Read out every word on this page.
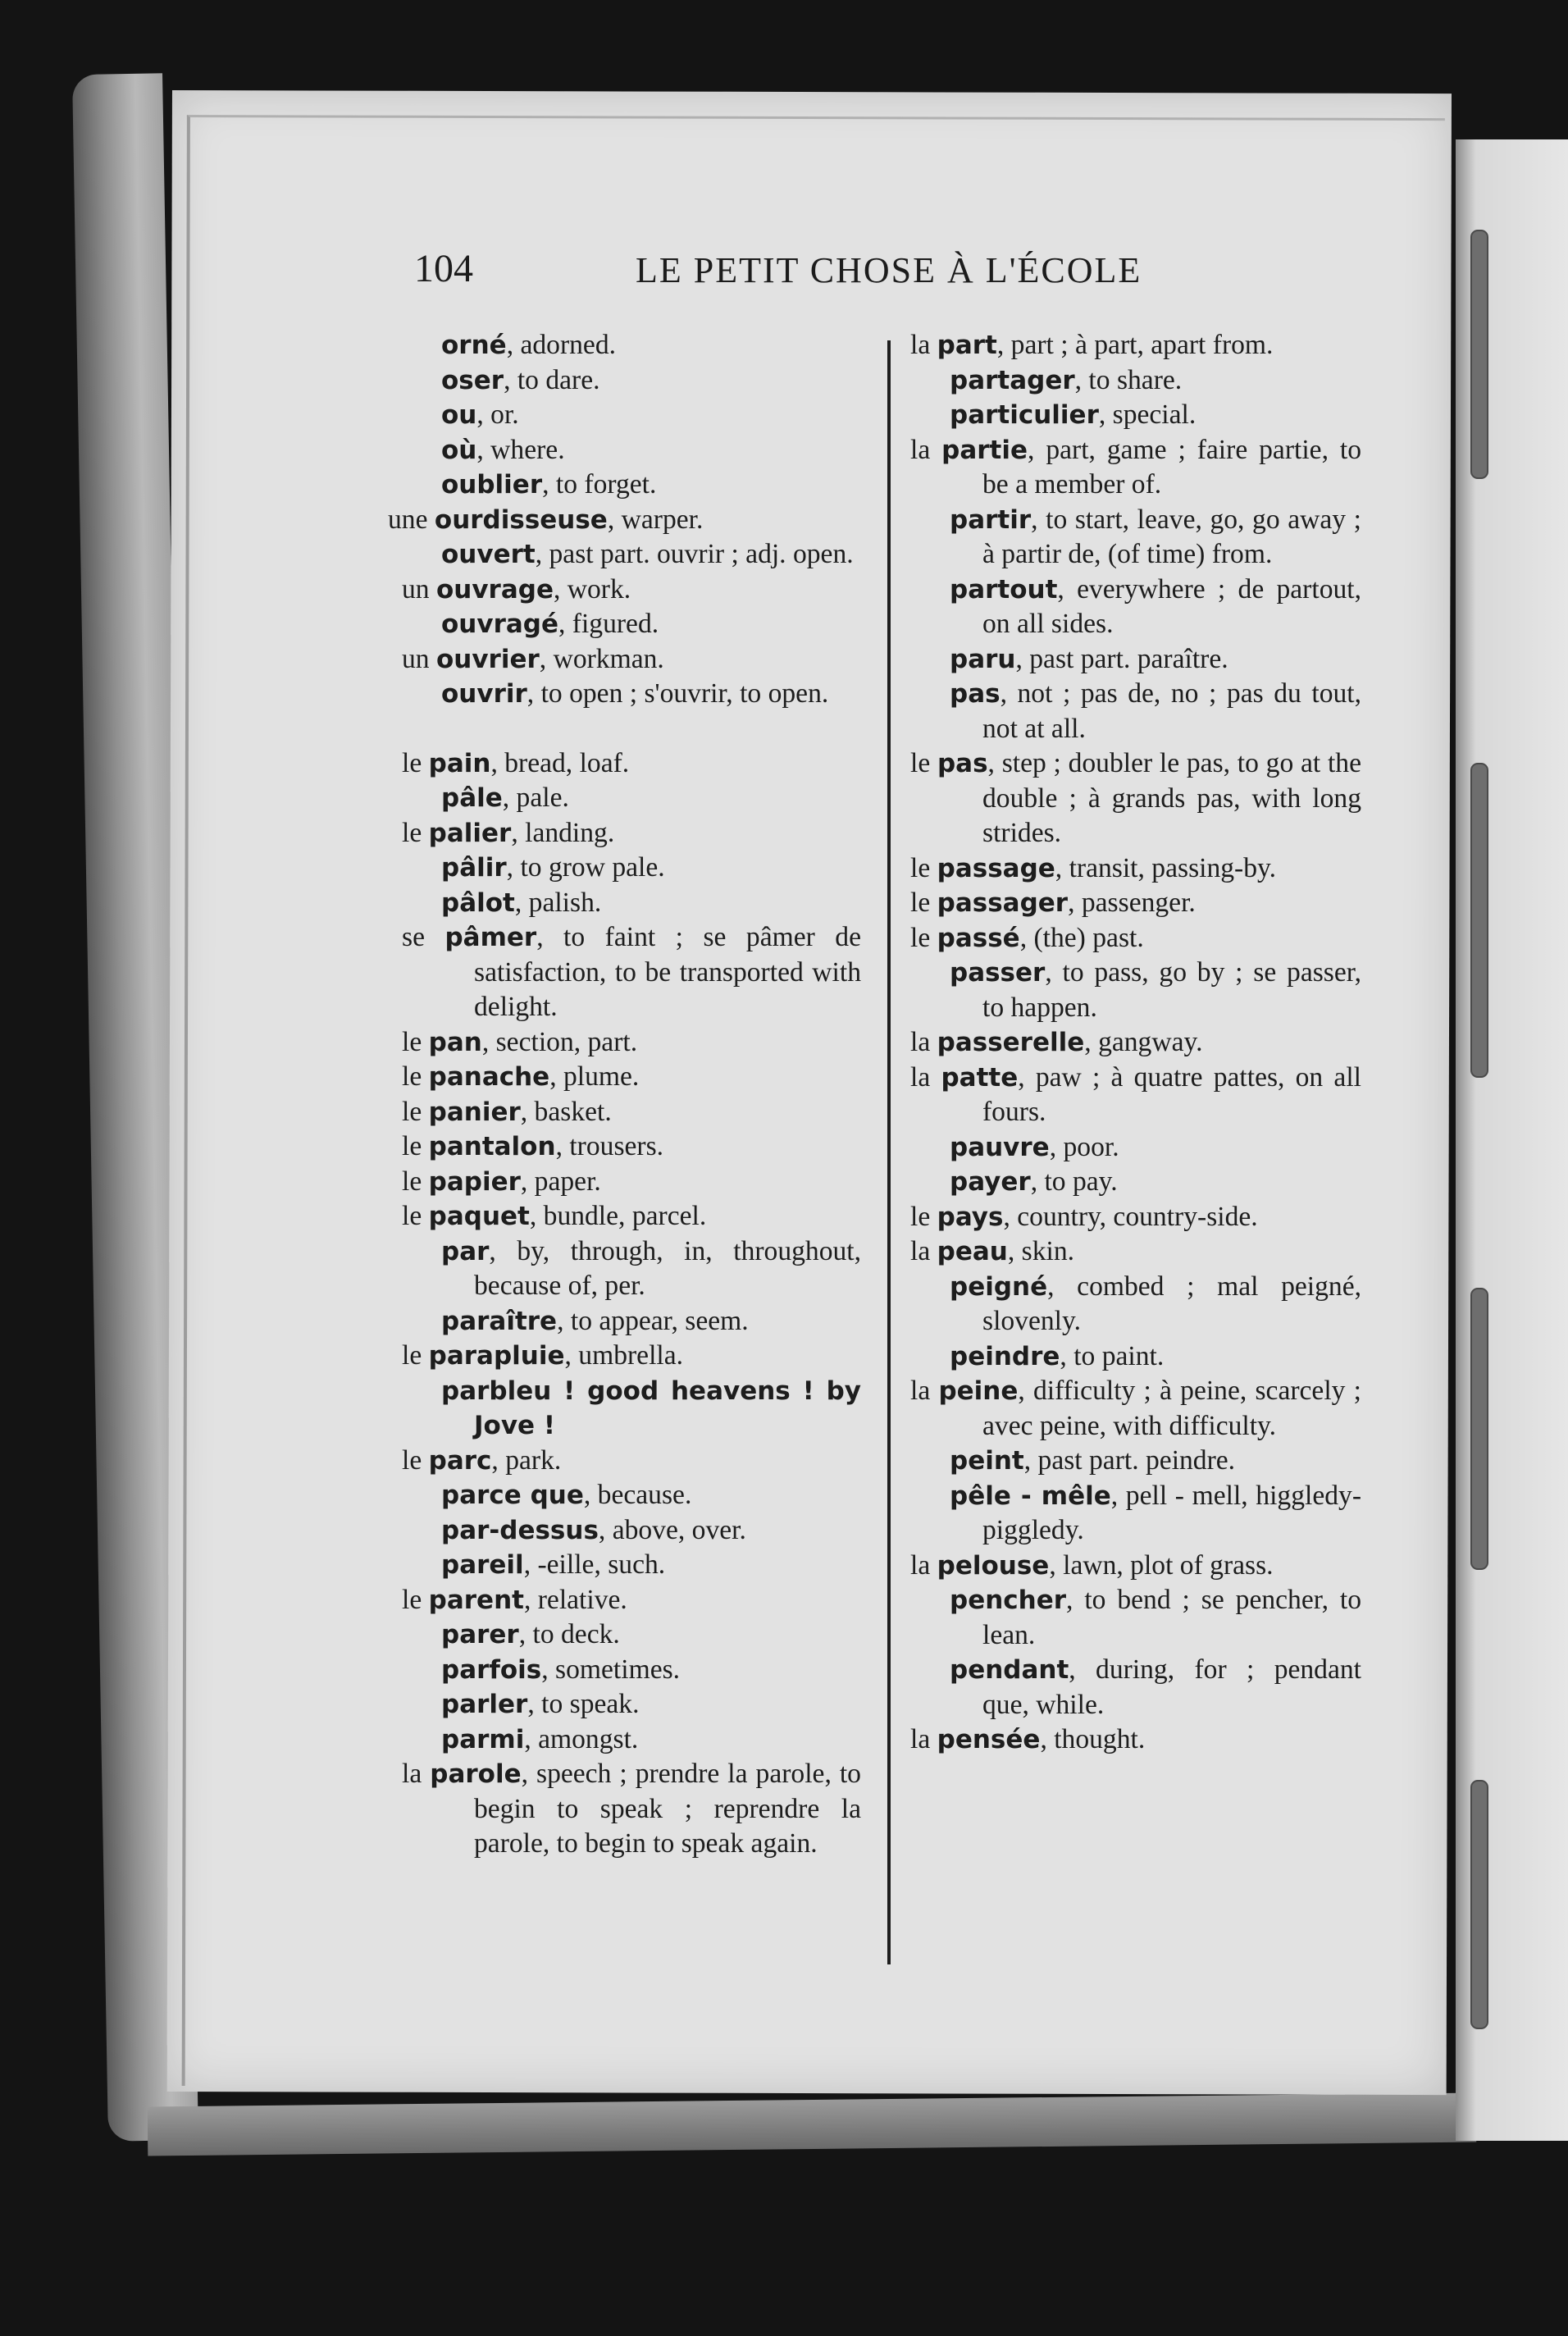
104	LE PETIT CHOSE À L'ÉCOLE
orné, adorned.
oser, to dare.
ou, or.
où, where.
oublier, to forget.
une ourdisseuse, warper.
ouvert, past part. ouvrir ; adj. open.
un ouvrage, work.
ouvragé, figured.
un ouvrier, workman.
ouvrir, to open ; s'ouvrir, to open.
le pain, bread, loaf.
pâle, pale.
le palier, landing.
pâlir, to grow pale.
pâlot, palish.
se pâmer, to faint ; se pâmer de satisfaction, to be transported with delight.
le pan, section, part.
le panache, plume.
le panier, basket.
le pantalon, trousers.
le papier, paper.
le paquet, bundle, parcel.
par, by, through, in, throughout, because of, per.
paraître, to appear, seem.
le parapluie, umbrella.
parbleu ! good heavens ! by Jove !
le parc, park.
parce que, because.
par-dessus, above, over.
pareil, -eille, such.
le parent, relative.
parer, to deck.
parfois, sometimes.
parler, to speak.
parmi, amongst.
la parole, speech ; prendre la parole, to begin to speak ; reprendre la parole, to begin to speak again.
la part, part ; à part, apart from.
partager, to share.
particulier, special.
la partie, part, game ; faire partie, to be a member of.
partir, to start, leave, go, go away ; à partir de, (of time) from.
partout, everywhere ; de partout, on all sides.
paru, past part. paraître.
pas, not ; pas de, no ; pas du tout, not at all.
le pas, step ; doubler le pas, to go at the double ; à grands pas, with long strides.
le passage, transit, passing-by.
le passager, passenger.
le passé, (the) past.
passer, to pass, go by ; se passer, to happen.
la passerelle, gangway.
la patte, paw ; à quatre pattes, on all fours.
pauvre, poor.
payer, to pay.
le pays, country, country-side.
la peau, skin.
peigné, combed ; mal peigné, slovenly.
peindre, to paint.
la peine, difficulty ; à peine, scarcely ; avec peine, with difficulty.
peint, past part. peindre.
pêle - mêle, pell - mell, higgledy-piggledy.
la pelouse, lawn, plot of grass.
pencher, to bend ; se pencher, to lean.
pendant, during, for ; pendant que, while.
la pensée, thought.
